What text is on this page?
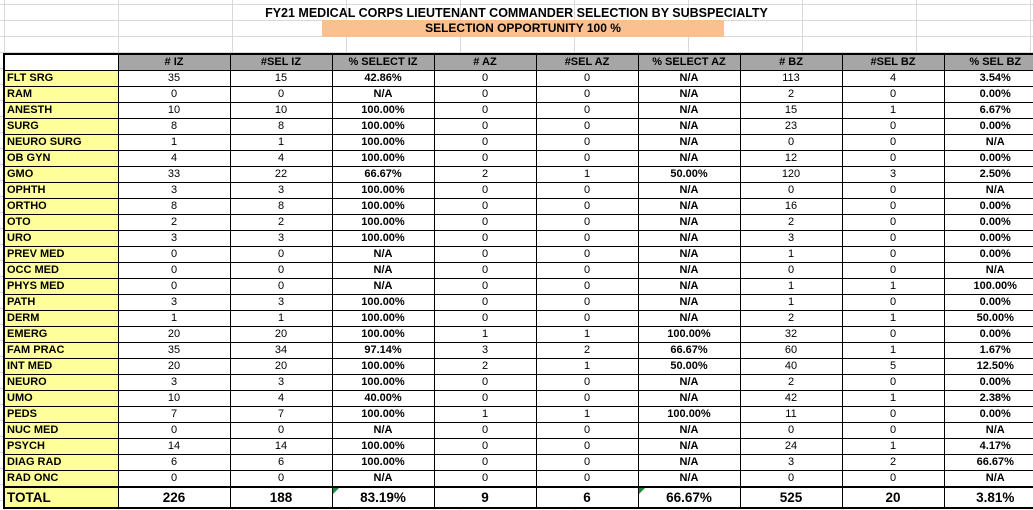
FY21 MEDICAL CORPS LIEUTENANT COMMANDER SELECTION BY SUBSPECIALTY
SELECTION OPPORTUNITY 100 %
	# IZ	#SEL IZ	% SELECT IZ	# AZ	#SEL AZ	% SELECT AZ	# BZ	#SEL BZ	% SEL BZ
FLT SRG	35	15	42.86%	0	0	N/A	113	4	3.54%
RAM	0	0	N/A	0	0	N/A	2	0	0.00%
ANESTH	10	10	100.00%	0	0	N/A	15	1	6.67%
SURG	8	8	100.00%	0	0	N/A	23	0	0.00%
NEURO SURG	1	1	100.00%	0	0	N/A	0	0	N/A
OB GYN	4	4	100.00%	0	0	N/A	12	0	0.00%
GMO	33	22	66.67%	2	1	50.00%	120	3	2.50%
OPHTH	3	3	100.00%	0	0	N/A	0	0	N/A
ORTHO	8	8	100.00%	0	0	N/A	16	0	0.00%
OTO	2	2	100.00%	0	0	N/A	2	0	0.00%
URO	3	3	100.00%	0	0	N/A	3	0	0.00%
PREV MED	0	0	N/A	0	0	N/A	1	0	0.00%
OCC MED	0	0	N/A	0	0	N/A	0	0	N/A
PHYS MED	0	0	N/A	0	0	N/A	1	1	100.00%
PATH	3	3	100.00%	0	0	N/A	1	0	0.00%
DERM	1	1	100.00%	0	0	N/A	2	1	50.00%
EMERG	20	20	100.00%	1	1	100.00%	32	0	0.00%
FAM PRAC	35	34	97.14%	3	2	66.67%	60	1	1.67%
INT MED	20	20	100.00%	2	1	50.00%	40	5	12.50%
NEURO	3	3	100.00%	0	0	N/A	2	0	0.00%
UMO	10	4	40.00%	0	0	N/A	42	1	2.38%
PEDS	7	7	100.00%	1	1	100.00%	11	0	0.00%
NUC MED	0	0	N/A	0	0	N/A	0	0	N/A
PSYCH	14	14	100.00%	0	0	N/A	24	1	4.17%
DIAG RAD	6	6	100.00%	0	0	N/A	3	2	66.67%
RAD ONC	0	0	N/A	0	0	N/A	0	0	N/A
TOTAL	226	188	83.19%	9	6	66.67%	525	20	3.81%
